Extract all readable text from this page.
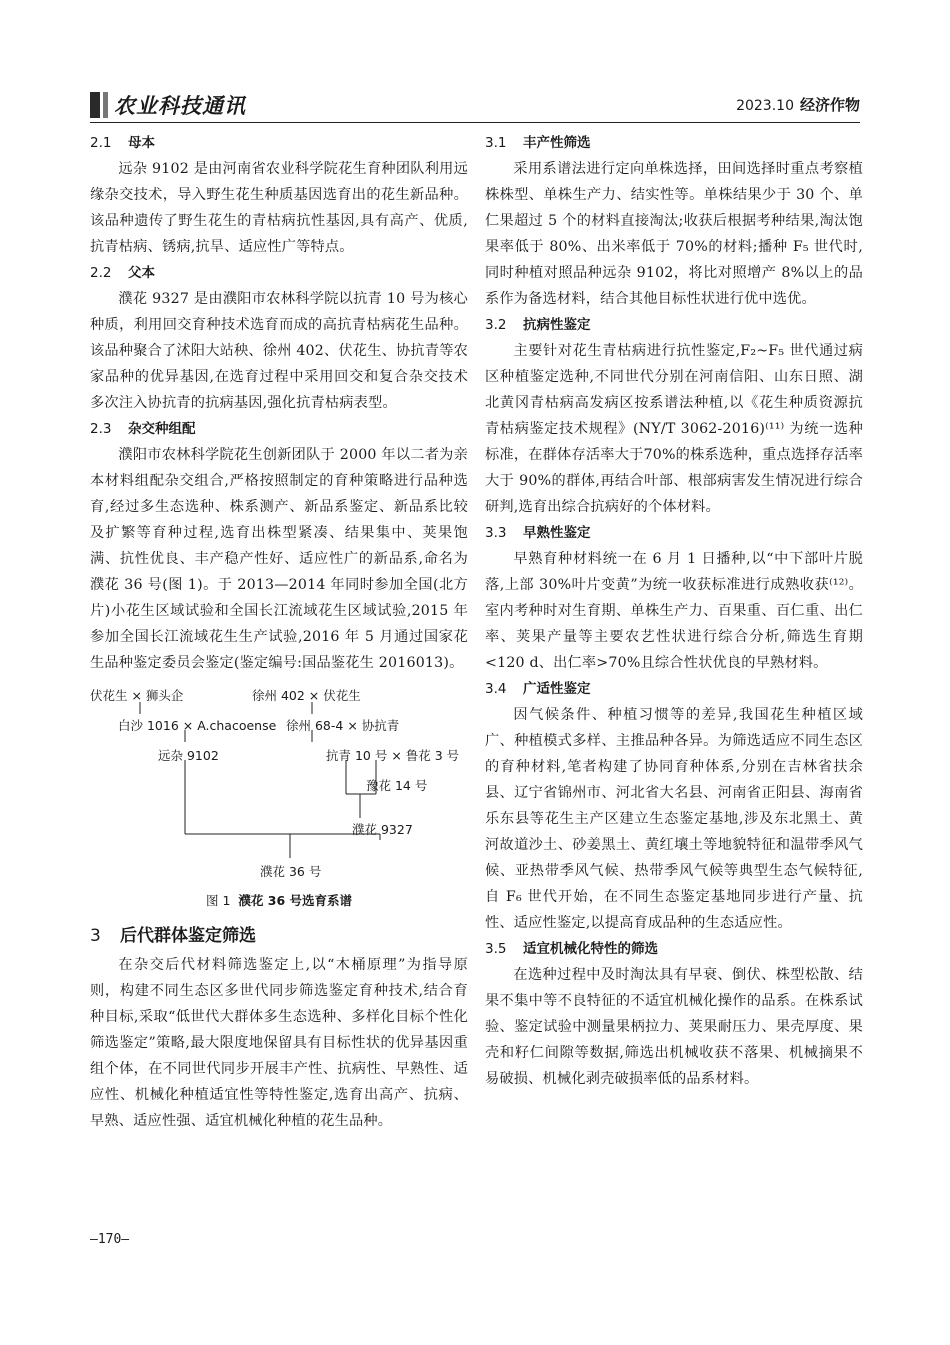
农业科技通讯	2023.10 经济作物
2.1 母本

远杂 9102 是由河南省农业科学院花生育种团队利用远缘杂交技术，导入野生花生种质基因选育出的花生新品种。该品种遗传了野生花生的青枯病抗性基因,具有高产、优质,抗青枯病、锈病,抗旱、适应性广等特点。

2.2 父本

濮花 9327 是由濮阳市农林科学院以抗青 10 号为核心种质，利用回交育种技术选育而成的高抗青枯病花生品种。该品种聚合了沭阳大站秧、徐州 402、伏花生、协抗青等农家品种的优异基因,在选育过程中采用回交和复合杂交技术多次注入协抗青的抗病基因,强化抗青枯病表型。

2.3 杂交种组配

濮阳市农林科学院花生创新团队于 2000 年以二者为亲本材料组配杂交组合,严格按照制定的育种策略进行品种选育,经过多生态选种、株系测产、新品系鉴定、新品系比较及扩繁等育种过程,选育出株型紧凑、结果集中、荚果饱满、抗性优良、丰产稳产性好、适应性广的新品系,命名为濮花 36 号(图 1)。于 2013—2014 年同时参加全国(北方片)小花生区域试验和全国长江流域花生区域试验,2015 年参加全国长江流域花生生产试验,2016 年 5 月通过国家花生品种鉴定委员会鉴定(鉴定编号:国品鉴花生 2016013)。

伏花生 × 狮头企	徐州 402 × 伏花生
白沙 1016 × A.chacoense 徐州 68-4 × 协抗青
远杂 9102	抗青 10 号 × 鲁花 3 号
豫花 14 号
濮花 9327
濮花 36 号
图 1 濮花 36 号选育系谱
3 后代群体鉴定筛选

在杂交后代材料筛选鉴定上,以“木桶原理”为指导原则，构建不同生态区多世代同步筛选鉴定育种技术,结合育种目标,采取“低世代大群体多生态选种、多样化目标个性化筛选鉴定”策略,最大限度地保留具有目标性状的优异基因重组个体，在不同世代同步开展丰产性、抗病性、早熟性、适应性、机械化种植适宜性等特性鉴定,选育出高产、抗病、早熟、适应性强、适宜机械化种植的花生品种。

3.1 丰产性筛选

采用系谱法进行定向单株选择，田间选择时重点考察植株株型、单株生产力、结实性等。单株结果少于 30 个、单仁果超过 5 个的材料直接淘汰;收获后根据考种结果,淘汰饱果率低于 80%、出米率低于 70%的材料;播种 F₅ 世代时,同时种植对照品种远杂 9102，将比对照增产 8%以上的品系作为备选材料，结合其他目标性状进行优中选优。

3.2 抗病性鉴定

主要针对花生青枯病进行抗性鉴定,F₂~F₅ 世代通过病区种植鉴定选种,不同世代分别在河南信阳、山东日照、湖北黄冈青枯病高发病区按系谱法种植,以《花生种质资源抗青枯病鉴定技术规程》(NY/T 3062-2016)⁽¹¹⁾ 为统一选种标准，在群体存活率大于70%的株系选种，重点选择存活率大于 90%的群体,再结合叶部、根部病害发生情况进行综合研判,选育出综合抗病好的个体材料。

3.3 早熟性鉴定

早熟育种材料统一在 6 月 1 日播种,以“中下部叶片脱落,上部 30%叶片变黄”为统一收获标准进行成熟收获⁽¹²⁾。室内考种时对生育期、单株生产力、百果重、百仁重、出仁率、荚果产量等主要农艺性状进行综合分析,筛选生育期<120 d、出仁率>70%且综合性状优良的早熟材料。

3.4 广适性鉴定

因气候条件、种植习惯等的差异,我国花生种植区域广、种植模式多样、主推品种各异。为筛选适应不同生态区的育种材料,笔者构建了协同育种体系,分别在吉林省扶余县、辽宁省锦州市、河北省大名县、河南省正阳县、海南省乐东县等花生主产区建立生态鉴定基地,涉及东北黑土、黄河故道沙土、砂姜黑土、黄红壤土等地貌特征和温带季风气候、亚热带季风气候、热带季风气候等典型生态气候特征,自 F₆ 世代开始，在不同生态鉴定基地同步进行产量、抗性、适应性鉴定,以提高育成品种的生态适应性。

3.5 适宜机械化特性的筛选

在选种过程中及时淘汰具有早衰、倒伏、株型松散、结果不集中等不良特征的不适宜机械化操作的品系。在株系试验、鉴定试验中测量果柄拉力、荚果耐压力、果壳厚度、果壳和籽仁间隙等数据,筛选出机械收获不落果、机械摘果不易破损、机械化剥壳破损率低的品系材料。

—170—
